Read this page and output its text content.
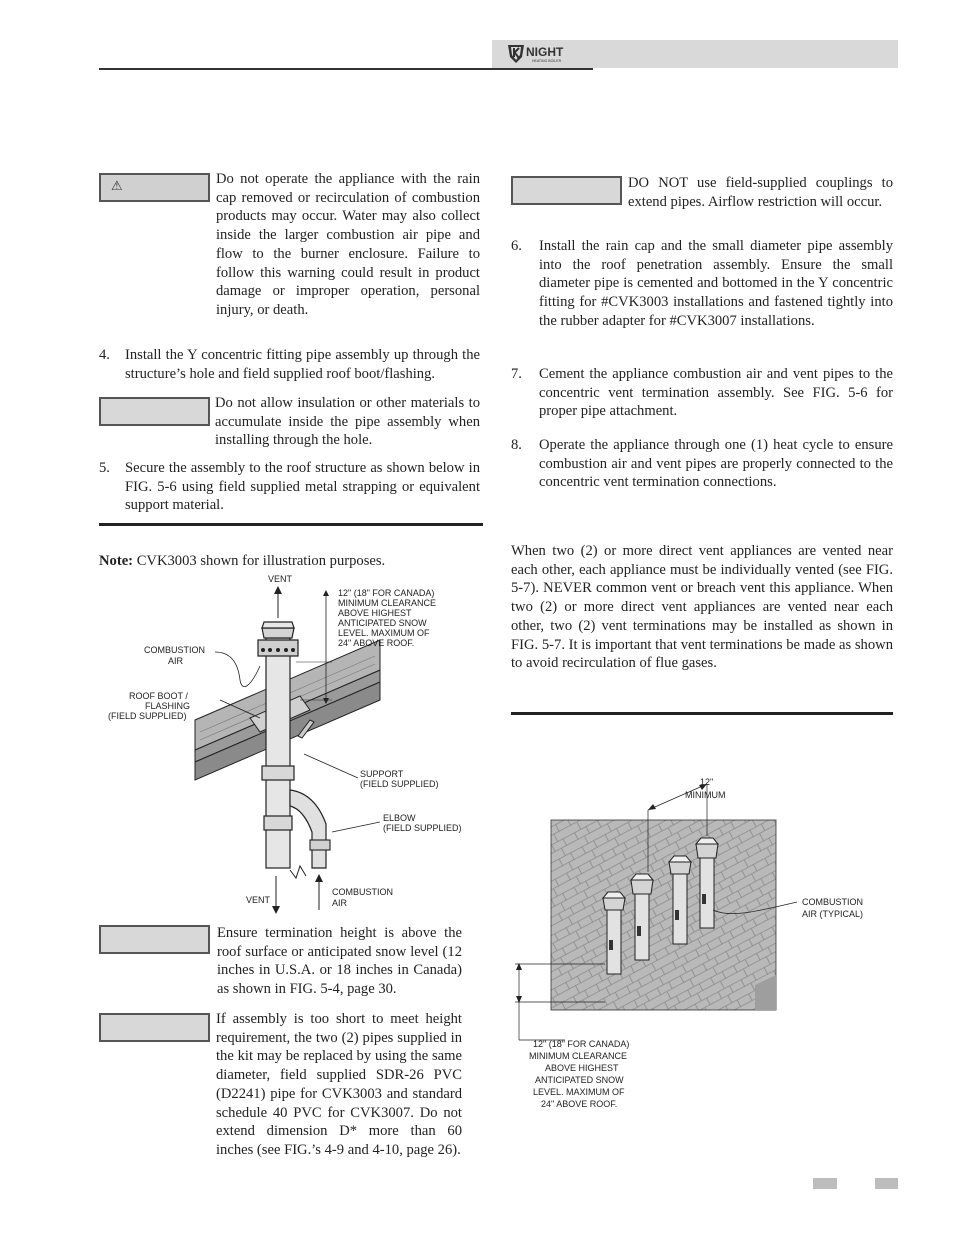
NIGHT
HEATING BOILER
⚠	Do not operate the appliance with the rain cap removed or recirculation of combustion products may occur. Water may also collect inside the larger combustion air pipe and flow to the burner enclosure. Failure to follow this warning could result in product damage or improper operation, personal injury, or death.
4. Install the Y concentric fitting pipe assembly up through the structure’s hole and field supplied roof boot/flashing.
Do not allow insulation or other materials to accumulate inside the pipe assembly when installing through the hole.
5. Secure the assembly to the roof structure as shown below in FIG. 5-6 using field supplied metal strapping or equivalent support material.
Note: CVK3003 shown for illustration purposes.
VENT
12" (18" FOR CANADA)
MINIMUM CLEARANCE
ABOVE HIGHEST
ANTICIPATED SNOW
LEVEL. MAXIMUM OF
24" ABOVE ROOF.
COMBUSTION
AIR
ROOF BOOT /
FLASHING
(FIELD SUPPLIED)
SUPPORT
(FIELD SUPPLIED)
ELBOW
(FIELD SUPPLIED)
VENT
COMBUSTION
AIR
Ensure termination height is above the roof surface or anticipated snow level (12 inches in U.S.A. or 18 inches in Canada) as shown in FIG. 5-4, page 30.
If assembly is too short to meet height requirement, the two (2) pipes supplied in the kit may be replaced by using the same diameter, field supplied SDR-26 PVC (D2241) pipe for CVK3003 and standard schedule 40 PVC for CVK3007. Do not extend dimension D* more than 60 inches (see FIG.’s 4-9 and 4-10, page 26).
DO NOT use field-supplied couplings to extend pipes. Airflow restriction will occur.
6. Install the rain cap and the small diameter pipe assembly into the roof penetration assembly. Ensure the small diameter pipe is cemented and bottomed in the Y concentric fitting for #CVK3003 installations and fastened tightly into the rubber adapter for #CVK3007 installations.
7. Cement the appliance combustion air and vent pipes to the concentric vent termination assembly. See FIG. 5-6 for proper pipe attachment.
8. Operate the appliance through one (1) heat cycle to ensure combustion air and vent pipes are properly connected to the concentric vent termination connections.
When two (2) or more direct vent appliances are vented near each other, each appliance must be individually vented (see FIG. 5-7). NEVER common vent or breach vent this appliance. When two (2) or more direct vent appliances are vented near each other, two (2) vent terminations may be installed as shown in FIG. 5-7. It is important that vent terminations be made as shown to avoid recirculation of flue gases.
12"
MINIMUM
COMBUSTION
AIR (TYPICAL)
12" (18" FOR CANADA)
MINIMUM CLEARANCE
ABOVE HIGHEST
ANTICIPATED SNOW
LEVEL. MAXIMUM OF
24" ABOVE ROOF.
